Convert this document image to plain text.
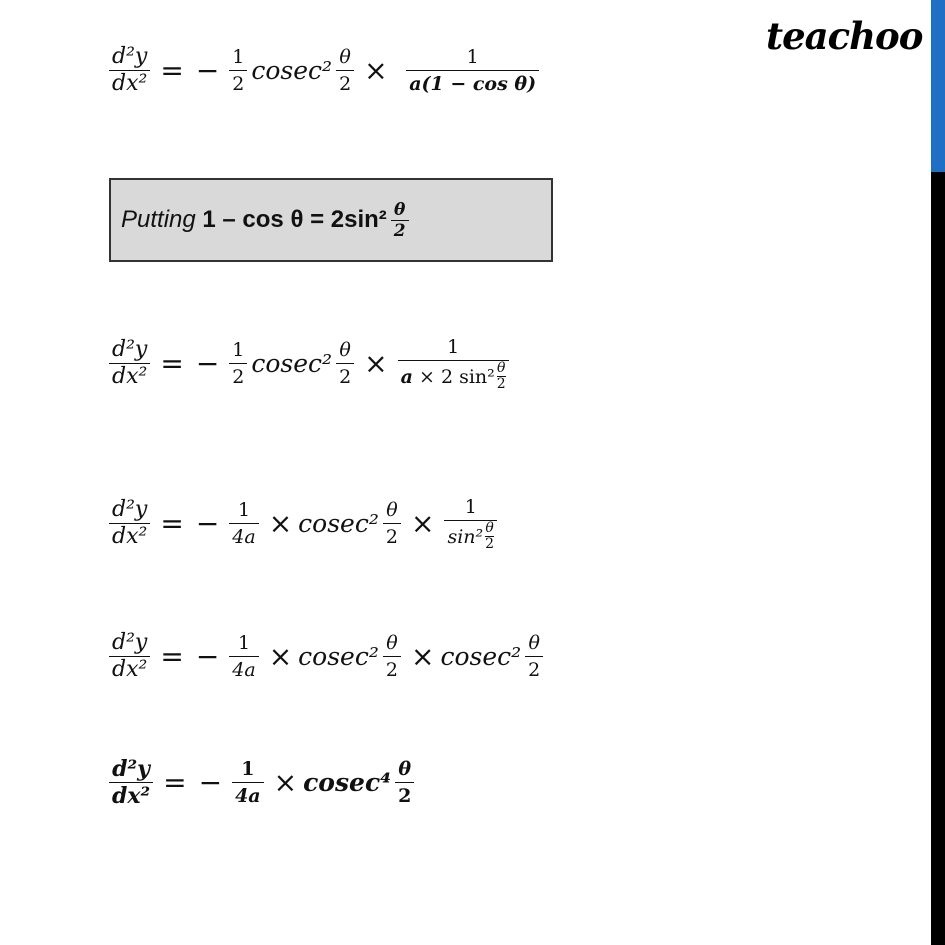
teachoo
$\frac{\text{d²y}}{\text{dx²}}$ = − $\frac{1}{2} cosec^2 \frac{\theta}{2} \times \frac{1}{\text{a(1 − cos θ)}}$
Putting $1 - \cos \theta = 2\sin^2 \frac{\theta}{2}$
$\frac{\text{d²y}}{\text{dx²}}$ = − $\frac{1}{2} cosec^2 \frac{\theta}{2} \times \frac{1}{a \times 2 \sin^2 \frac{\theta}{2}}$
$\frac{\text{d²y}}{\text{dx²}}$ = − $\frac{1}{4a} \times cosec^2 \frac{\theta}{2} \times \frac{1}{\sin^2 \frac{\theta}{2}}$
$\frac{\text{d²y}}{\text{dx²}}$ = − $\frac{1}{4a} \times cosec^2 \frac{\theta}{2} \times cosec^2 \frac{\theta}{2}$
$\frac{\text{d²y}}{\text{dx²}}$ = − $\frac{1}{4a} \times cosec^4 \frac{\theta}{2}$
